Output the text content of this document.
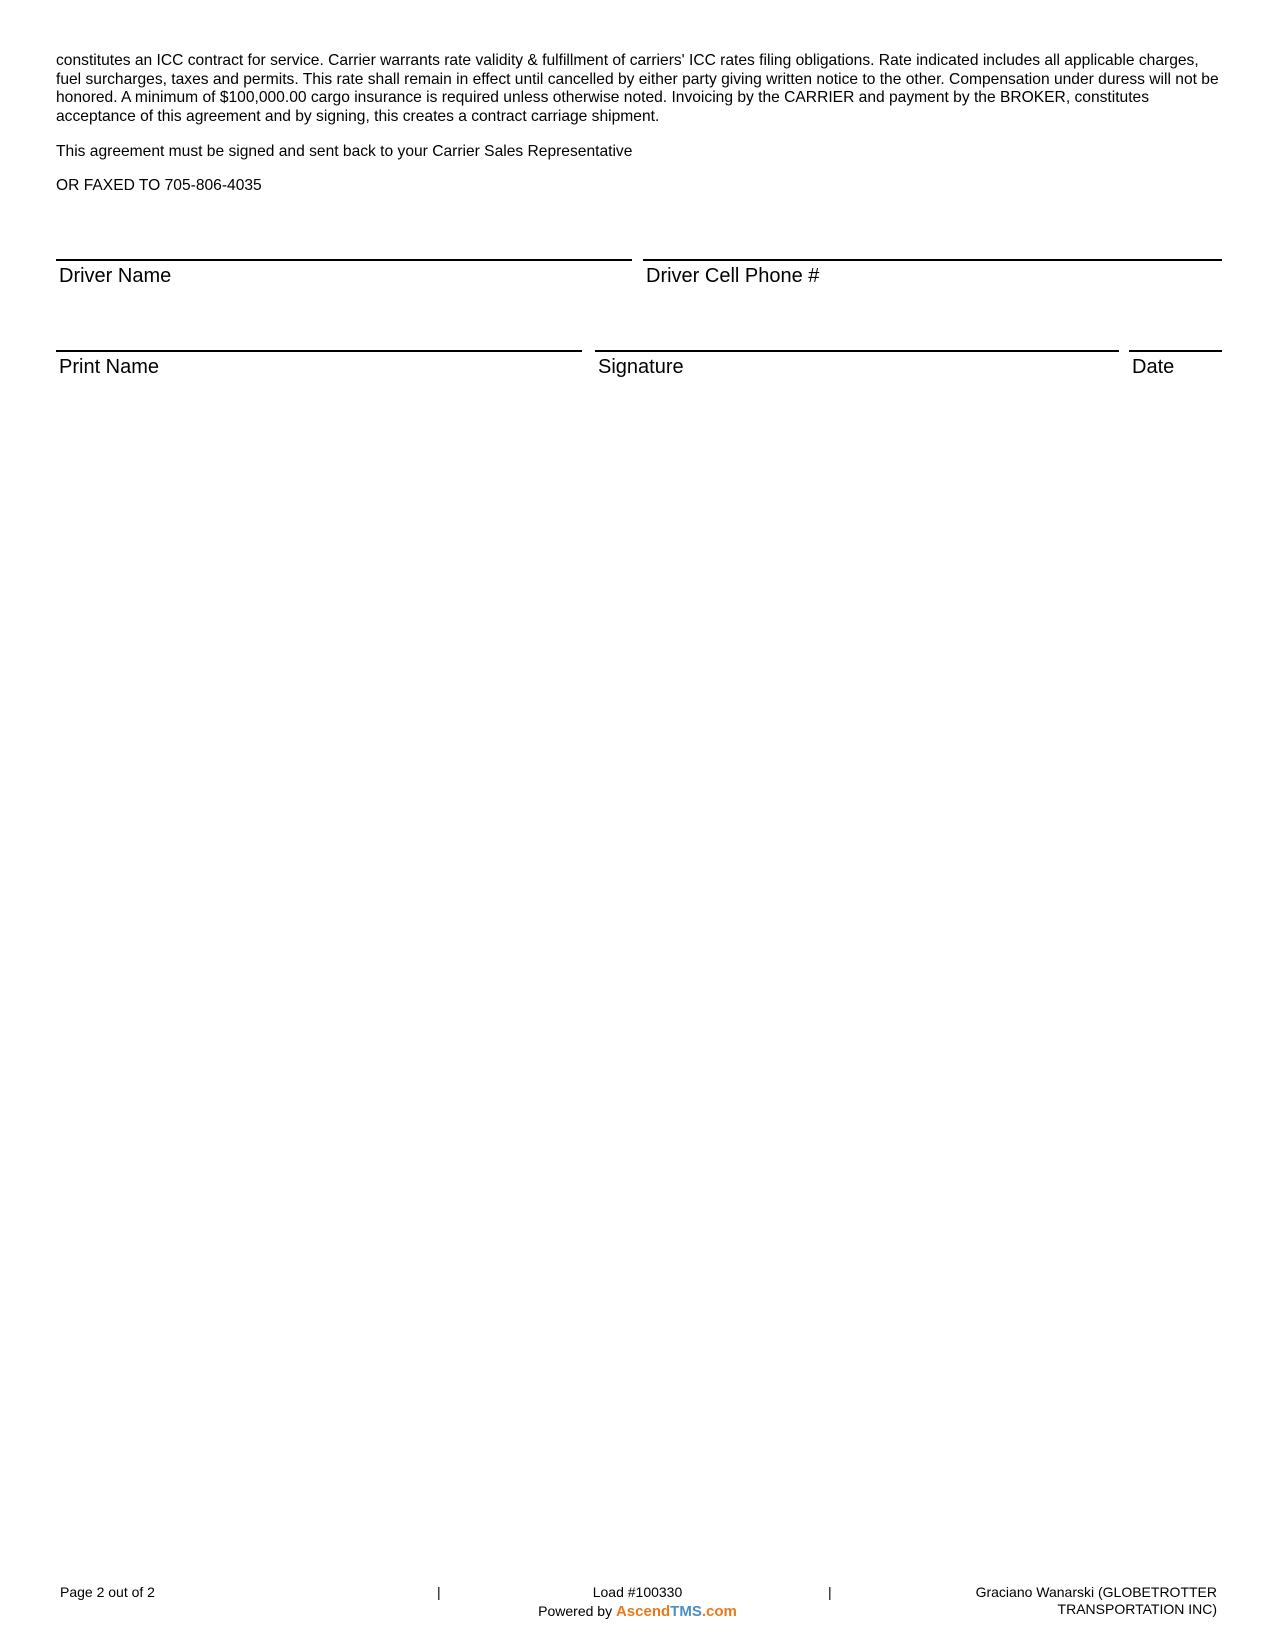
constitutes an ICC contract for service. Carrier warrants rate validity & fulfillment of carriers' ICC rates filing obligations. Rate indicated includes all applicable charges, fuel surcharges, taxes and permits. This rate shall remain in effect until cancelled by either party giving written notice to the other. Compensation under duress will not be honored. A minimum of $100,000.00 cargo insurance is required unless otherwise noted. Invoicing by the CARRIER and payment by the BROKER, constitutes acceptance of this agreement and by signing, this creates a contract carriage shipment.

This agreement must be signed and sent back to your Carrier Sales Representative

OR FAXED TO 705-806-4035

Driver Name	Driver Cell Phone #
Print Name	Signature	Date
Page 2 out of 2	|	Load #100330
Powered by AscendTMS.com
|	Graciano Wanarski (GLOBETROTTER
TRANSPORTATION INC)
